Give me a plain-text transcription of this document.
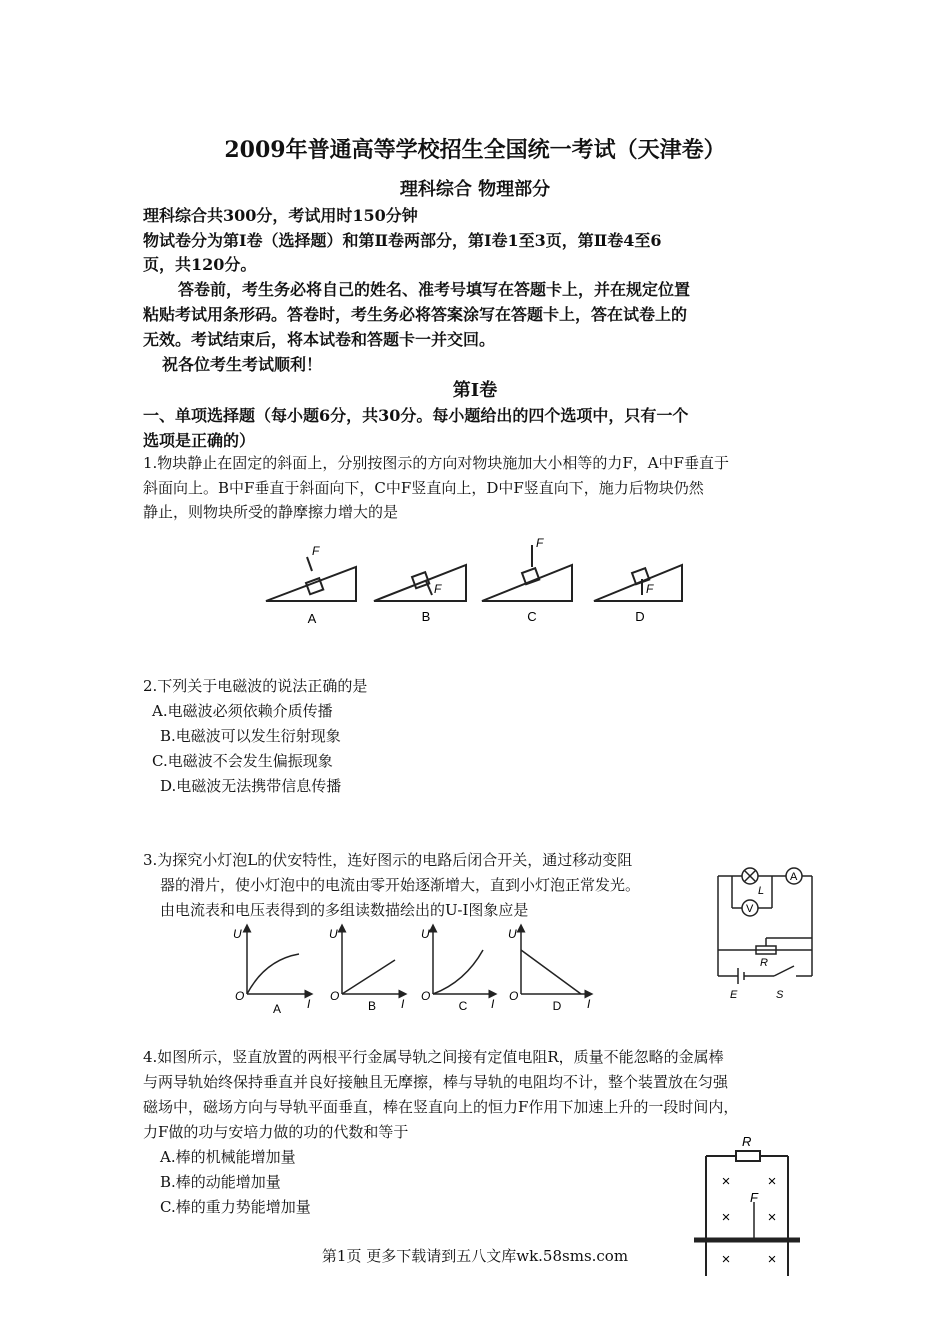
2009年普通高等学校招生全国统一考试（天津卷）
理科综合 物理部分
理科综合共300分，考试用时150分钟
物试卷分为第Ⅰ卷（选择题）和第Ⅱ卷两部分，第Ⅰ卷1至3页，第Ⅱ卷4至6
页，共120分。
答卷前，考生务必将自己的姓名、准考号填写在答题卡上，并在规定位置
粘贴考试用条形码。答卷时，考生务必将答案涂写在答题卡上，答在试卷上的
无效。考试结束后，将本试卷和答题卡一并交回。
祝各位考生考试顺利！
第Ⅰ卷
一、单项选择题（每小题6分，共30分。每小题给出的四个选项中，只有一个
选项是正确的）
1.物块静止在固定的斜面上，分别按图示的方向对物块施加大小相等的力F，A中F垂直于
斜面向上。B中F垂直于斜面向下，C中F竖直向上，D中F竖直向下，施力后物块仍然
静止，则物块所受的静摩擦力增大的是
F
F
F
F
A	B	C	D
2.下列关于电磁波的说法正确的是
A.电磁波必须依赖介质传播
B.电磁波可以发生衍射现象
C.电磁波不会发生偏振现象
D.电磁波无法携带信息传播
3.为探究小灯泡L的伏安特性，连好图示的电路后闭合开关，通过移动变阻
器的滑片，使小灯泡中的电流由零开始逐渐增大，直到小灯泡正常发光。
由电流表和电压表得到的多组读数描绘出的U-I图象应是
U
O
I
U
O
I
U
O
I
U
O
I
A	B	C	D
L
A
V
R
E	S
4.如图所示，竖直放置的两根平行金属导轨之间接有定值电阻R，质量不能忽略的金属棒
与两导轨始终保持垂直并良好接触且无摩擦，棒与导轨的电阻均不计，整个装置放在匀强
磁场中，磁场方向与导轨平面垂直，棒在竖直向上的恒力F作用下加速上升的一段时间内，
力F做的功与安培力做的功的代数和等于
A.棒的机械能增加量
B.棒的动能增加量
C.棒的重力势能增加量
R
F
× ×
× ×
× ×
第1页 更多下载请到五八文库wk.58sms.com
